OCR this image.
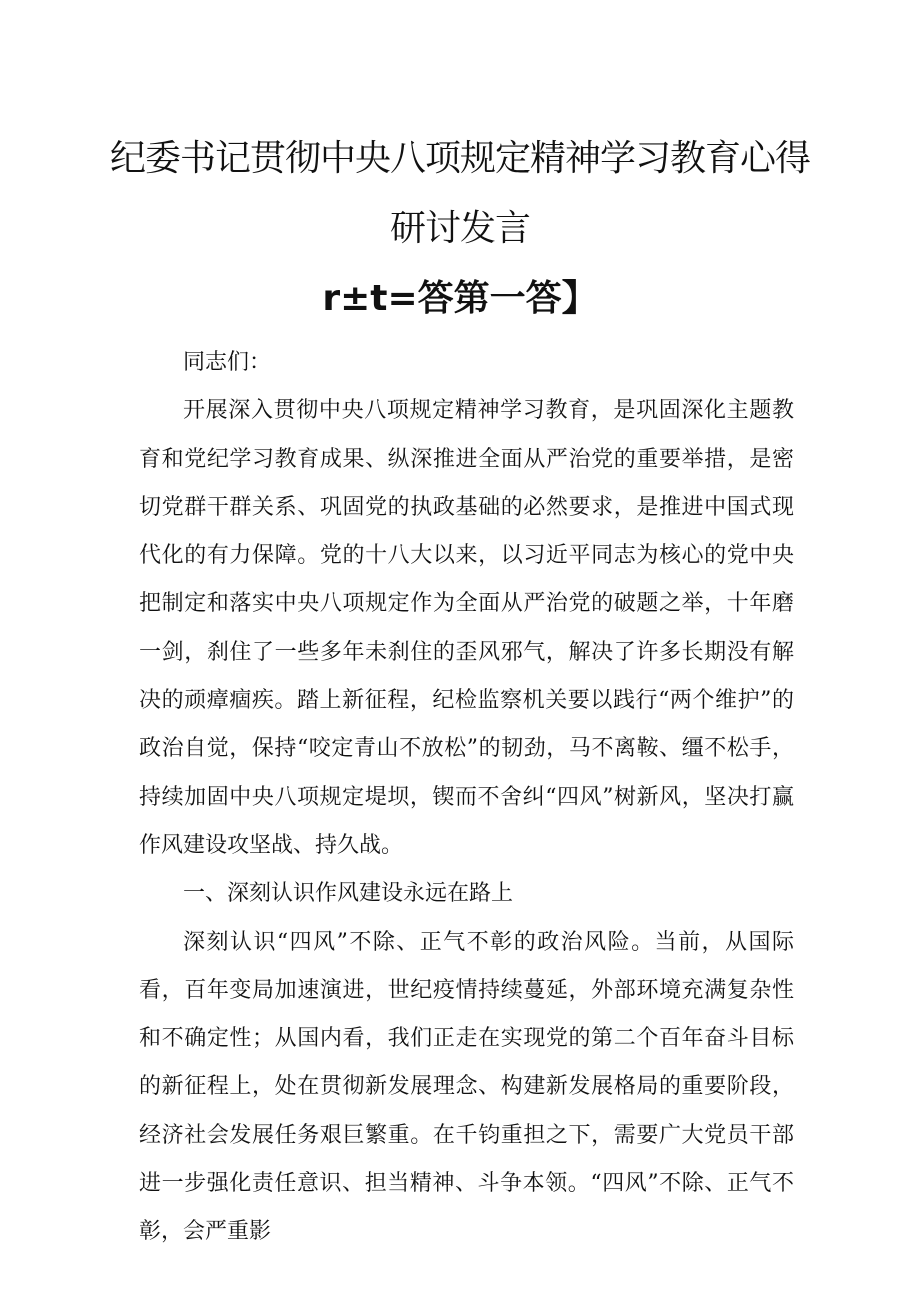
纪委书记贯彻中央八项规定精神学习教育心得
研讨发言
r±t=答第一答】

同志们：

开展深入贯彻中央八项规定精神学习教育，是巩固深化主题教育和党纪学习教育成果、纵深推进全面从严治党的重要举措，是密切党群干群关系、巩固党的执政基础的必然要求，是推进中国式现代化的有力保障。党的十八大以来，以习近平同志为核心的党中央把制定和落实中央八项规定作为全面从严治党的破题之举，十年磨一剑，刹住了一些多年未刹住的歪风邪气，解决了许多长期没有解决的顽瘴痼疾。踏上新征程，纪检监察机关要以践行“两个维护”的政治自觉，保持“咬定青山不放松”的韧劲，马不离鞍、缰不松手，持续加固中央八项规定堤坝，锲而不舍纠“四风”树新风，坚决打赢作风建设攻坚战、持久战。

一、深刻认识作风建设永远在路上

深刻认识“四风”不除、正气不彰的政治风险。当前，从国际看，百年变局加速演进，世纪疫情持续蔓延，外部环境充满复杂性和不确定性；从国内看，我们正走在实现党的第二个百年奋斗目标的新征程上，处在贯彻新发展理念、构建新发展格局的重要阶段，经济社会发展任务艰巨繁重。在千钧重担之下，需要广大党员干部进一步强化责任意识、担当精神、斗争本领。“四风”不除、正气不彰，会严重影
